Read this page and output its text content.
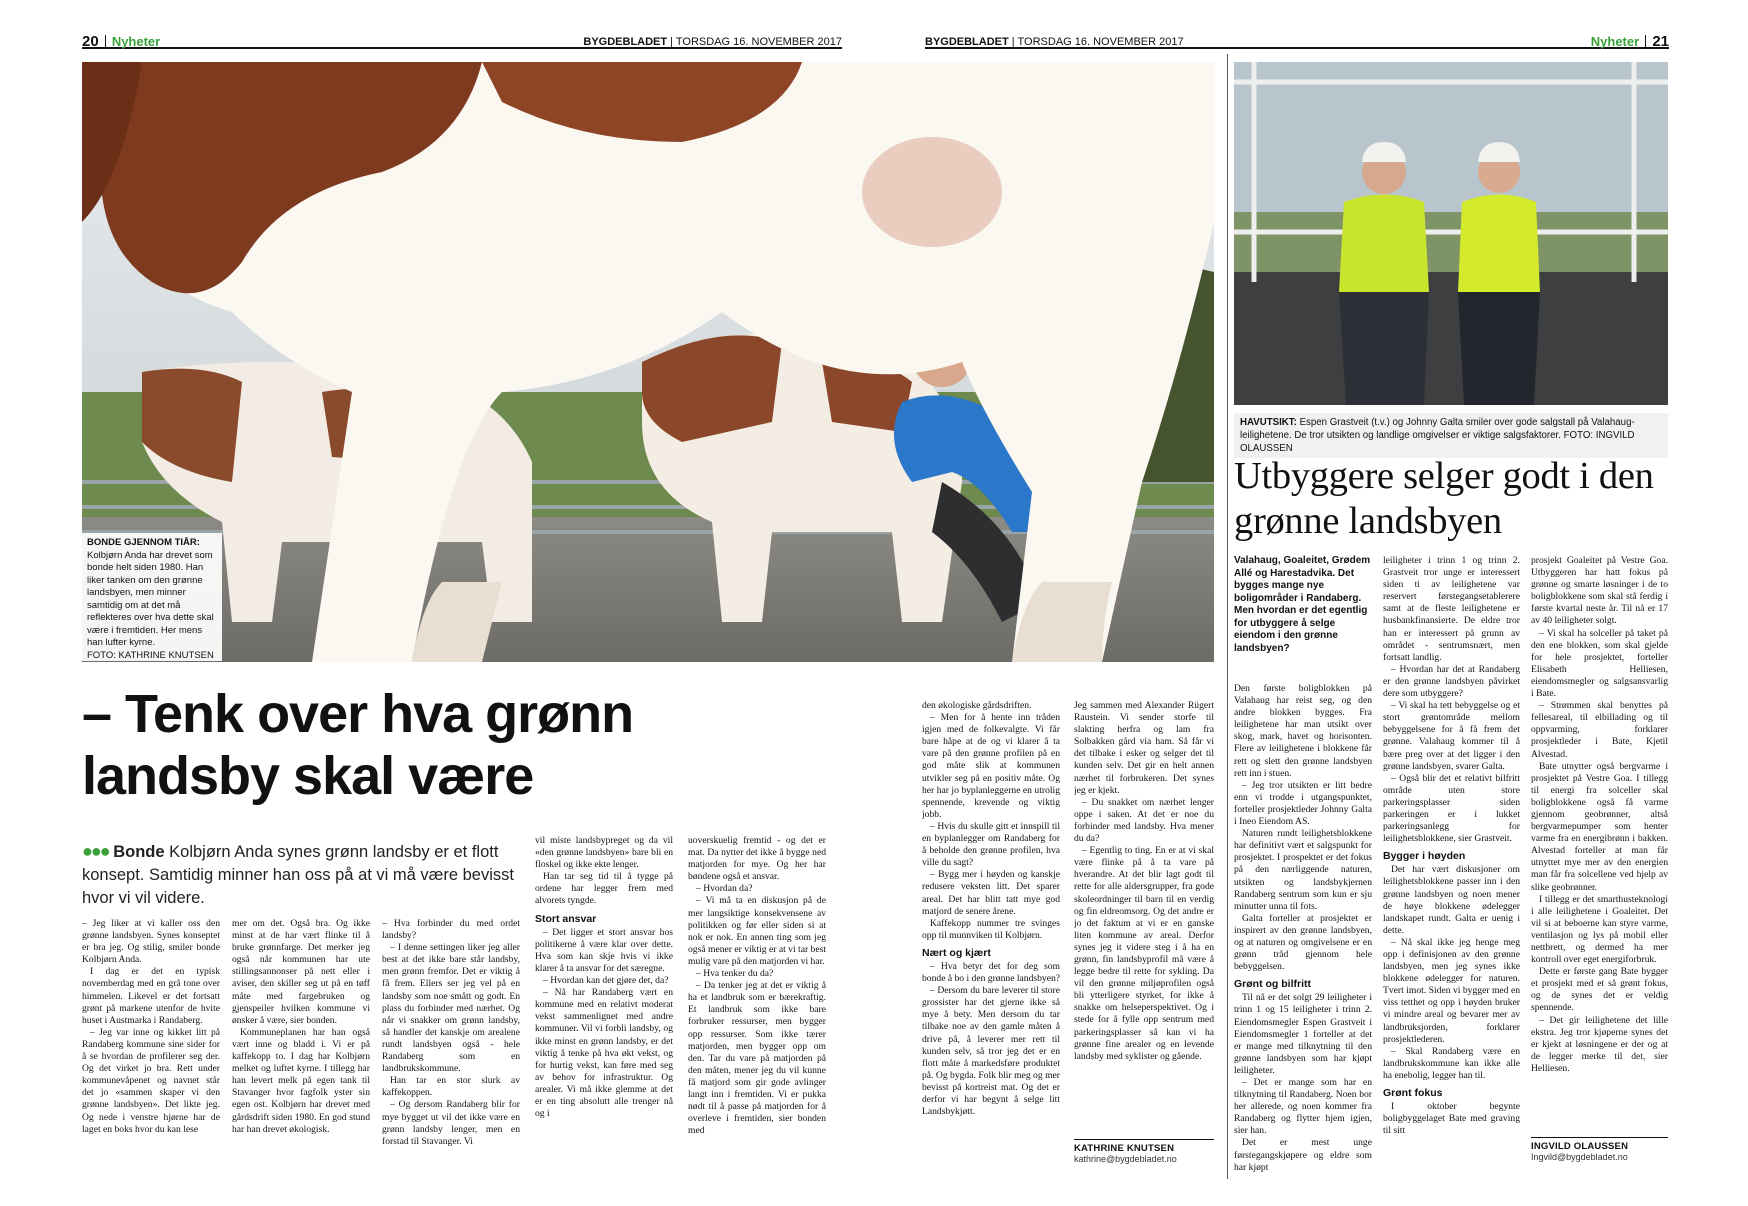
20 Nyheter	BYGDEBLADET | TORSDAG 16. NOVEMBER 2017	BYGDEBLADET | TORSDAG 16. NOVEMBER 2017	Nyheter 21
BONDE GJENNOM TIÅR:
Kolbjørn Anda har drevet som bonde helt siden 1980. Han liker tanken om den grønne landsbyen, men minner samtidig om at det må reflekteres over hva dette skal være i fremtiden. Her mens han lufter kyrne.
FOTO: KATHRINE KNUTSEN
– Tenk over hva grønn landsby skal være
●●● Bonde Kolbjørn Anda synes grønn landsby er et flott konsept. Samtidig minner han oss på at vi må være bevisst hvor vi vil videre.

– Jeg liker at vi kaller oss den grønne landsbyen. Synes konseptet er bra jeg. Og stilig, smiler bonde Kolbjørn Anda.

I dag er det en typisk novemberdag med en grå tone over himmelen. Likevel er det fortsatt grønt på markene utenfor de hvite huset i Austmarka i Randaberg.

– Jeg var inne og kikket litt på Randaberg kommune sine sider for å se hvordan de profilerer seg der. Og det virket jo bra. Rett under kommunevåpenet og navnet står det jo «sammen skaper vi den grønne landsbyen». Det likte jeg. Og nede i venstre hjørne har de laget en boks hvor du kan lese

mer om det. Også bra. Og ikke minst at de har vært flinke til å bruke grønnfarge. Det merker jeg også når kommunen har ute stillingsannonser på nett eller i aviser, den skiller seg ut på en tøff måte med fargebruken og gjenspeiler hvilken kommune vi ønsker å være, sier bonden.

Kommuneplanen har han også vært inne og bladd i. Vi er på kaffekopp to. I dag har Kolbjørn melket og luftet kyrne. I tillegg har han levert melk på egen tank til Stavanger hvor fagfolk yster sin egen ost. Kolbjørn har drevet med gårdsdrift siden 1980. En god stund har han drevet økologisk.

– Hva forbinder du med ordet landsby?

– I denne settingen liker jeg aller best at det ikke bare står landsby, men grønn fremfor. Det er viktig å få frem. Ellers ser jeg vel på en landsby som noe smått og godt. En plass du forbinder med nærhet. Og når vi snakker om grønn landsby, så handler det kanskje om arealene rundt landsbyen også - hele Randaberg som en landbrukskommune.

Han tar en stor slurk av kaffekoppen.

– Og dersom Randaberg blir for mye bygget ut vil det ikke være en grønn landsby lenger, men en forstad til Stavanger. Vi

vil miste landsbypreget og da vil «den grønne landsbyen» bare bli en floskel og ikke ekte lenger.

Han tar seg tid til å tygge på ordene har legger frem med alvorets tyngde.

Stort ansvar

– Det ligger et stort ansvar hos politikerne å være klar over dette. Hva som kan skje hvis vi ikke klarer å ta ansvar for det særegne.

– Hvordan kan det gjøre det, da?

– Nå har Randaberg vært en kommune med en relativt moderat vekst sammenlignet med andre kommuner. Vil vi forbli landsby, og ikke minst en grønn landsby, er det viktig å tenke på hva økt vekst, og for hurtig vekst, kan føre med seg av behov for infrastruktur. Og arealer. Vi må ikke glemme at det er en ting absolutt alle trenger nå og i

uoverskuelig fremtid - og det er mat. Da nytter det ikke å bygge ned matjorden for mye. Og her har bøndene også et ansvar.

– Hvordan da?

– Vi må ta en diskusjon på de mer langsiktige konsekvensene av politikken og før eller siden si at nok er nok. En annen ting som jeg også mener er viktig er at vi tar best mulig vare på den matjorden vi har.

– Hva tenker du da?

– Da tenker jeg at det er viktig å ha et landbruk som er bærekraftig. Et landbruk som ikke bare forbruker ressurser, men bygger opp ressurser. Som ikke tærer matjorden, men bygger opp om den. Tar du vare på matjorden på den måten, mener jeg du vil kunne få matjord som gir gode avlinger langt inn i fremtiden. Vi er pukka nødt til å passe på matjorden for å overleve i fremtiden, sier bonden med

den økologiske gårdsdriften.

– Men for å hente inn tråden igjen med de folkevalgte. Vi får bare håpe at de og vi klarer å ta vare på den grønne profilen på en god måte slik at kommunen utvikler seg på en positiv måte. Og her har jo byplanleggerne en utrolig spennende, krevende og viktig jobb.

– Hvis du skulle gitt et innspill til en byplanlegger om Randaberg for å beholde den grønne profilen, hva ville du sagt?

– Bygg mer i høyden og kanskje redusere veksten litt. Det sparer areal. Det har blitt tatt mye god matjord de senere årene.

Kaffekopp nummer tre svinges opp til munnviken til Kolbjørn.

Nært og kjært

– Hva betyr det for deg som bonde å bo i den grønne landsbyen?

– Dersom du bare leverer til store grossister har det gjerne ikke så mye å bety. Men dersom du tar tilbake noe av den gamle måten å drive på, å leverer mer rett til kunden selv, så tror jeg det er en flott måte å markedsføre produktet på. Og bygda. Folk blir meg og mer bevisst på kortreist mat. Og det er derfor vi har begynt å selge litt Landsbykjøtt.

Jeg sammen med Alexander Rügert Raustein. Vi sender storfe til slakting herfra og lam fra Solbakken gård via ham. Så får vi det tilbake i esker og selger det til kunden selv. Det gir en helt annen nærhet til forbrukeren. Det synes jeg er kjekt.

– Du snakket om nærhet lenger oppe i saken. At det er noe du forbinder med landsby. Hva mener du da?

– Egentlig to ting. En er at vi skal være flinke på å ta vare på hverandre. At det blir lagt godt til rette for alle aldersgrupper, fra gode skoleordninger til barn til en verdig og fin eldreomsorg. Og det andre er jo det faktum at vi er en ganske liten kommune av areal. Derfor synes jeg it videre steg i å ha en grønn, fin landsbyprofil må være å legge bedre til rette for sykling. Da vil den grønne miljøprofilen også bli ytterligere styrket, for ikke å snakke om helseperspektivet. Og i stede for å fylle opp sentrum med parkeringsplasser så kan vi ha grønne fine arealer og en levende landsby med syklister og gående.

KATHRINE KNUTSEN
kathrine@bygdebladet.no
HAVUTSIKT: Espen Grastveit (t.v.) og Johnny Galta smiler over gode salgstall på Valahaug-leilighetene. De tror utsikten og landlige omgivelser er viktige salgsfaktorer. FOTO: INGVILD OLAUSSEN
Utbyggere selger godt i den grønne landsbyen
Valahaug, Goaleitet, Grødem Allé og Harestadvika. Det bygges mange nye boligområder i Randaberg. Men hvordan er det egentlig for utbyggere å selge eiendom i den grønne landsbyen?

Den første boligblokken på Valahaug har reist seg, og den andre blokken bygges. Fra leilighetene har man utsikt over skog, mark, havet og horisonten. Flere av leilighetene i blokkene får rett og slett den grønne landsbyen rett inn i stuen.

– Jeg tror utsikten er litt bedre enn vi trodde i utgangspunktet, forteller prosjektleder Johnny Galta i Ineo Eiendom AS.

Naturen rundt leilighetsblokkene har definitivt vært et salgspunkt for prosjektet. I prospektet er det fokus på den nærliggende naturen, utsikten og landsbykjernen Randaberg sentrum som kun er sju minutter unna til fots.

Galta forteller at prosjektet er inspirert av den grønne landsbyen, og at naturen og omgivelsene er en grønn tråd gjennom hele bebyggelsen.

Grønt og bilfritt

Til nå er det solgt 29 leiligheter i trinn 1 og 15 leiligheter i trinn 2. Eiendomsmegler Espen Grastveit i Eiendomsmegler 1 forteller at det er mange med tilknytning til den grønne landsbyen som har kjøpt leiligheter.

– Det er mange som har en tilknytning til Randaberg. Noen bor her allerede, og noen kommer fra Randaberg og flytter hjem igjen, sier han.

Det er mest unge førstegangskjøpere og eldre som har kjøpt

leiligheter i trinn 1 og trinn 2. Grastveit tror unge er interessert siden ti av leilighetene var reservert førstegangsetablerere samt at de fleste leilighetene er husbankfinansierte. De eldre tror han er interessert på grunn av området - sentrumsnært, men fortsatt landlig.

– Hvordan har det at Randaberg er den grønne landsbyen påvirket dere som utbyggere?

– Vi skal ha tett bebyggelse og et stort grøntområde mellom bebyggelsene for å få frem det grønne. Valahaug kommer til å bære preg over at det ligger i den grønne landsbyen, svarer Galta.

– Også blir det et relativt bilfritt område uten store parkeringsplasser siden parkeringen er i lukket parkeringsanlegg for leilighetsblokkene, sier Grastveit.

Bygger i høyden

Det har vært diskusjoner om leilighetsblokkene passer inn i den grønne landsbyen og noen mener de høye blokkene ødelegger landskapet rundt. Galta er uenig i dette.

– Nå skal ikke jeg henge meg opp i definisjonen av den grønne landsbyen, men jeg synes ikke blokkene ødelegger for naturen. Tvert imot. Siden vi bygger med en viss tetthet og opp i høyden bruker vi mindre areal og bevarer mer av landbruksjorden, forklarer prosjektlederen.

– Skal Randaberg være en landbrukskommune kan ikke alle ha enebolig, legger han til.

Grønt fokus

I oktober begynte boligbyggelaget Bate med graving til sitt

prosjekt Goaleitet på Vestre Goa. Utbyggeren har hatt fokus på grønne og smarte løsninger i de to boligblokkene som skal stå ferdig i første kvartal neste år. Til nå er 17 av 40 leiligheter solgt.

– Vi skal ha solceller på taket på den ene blokken, som skal gjelde for hele prosjektet, forteller Elisabeth Helliesen, eiendomsmegler og salgsansvarlig i Bate.

– Strømmen skal benyttes på fellesareal, til elbillading og til oppvarming, forklarer prosjektleder i Bate, Kjetil Alvestad.

Bate utnytter også bergvarme i prosjektet på Vestre Goa. I tillegg til energi fra solceller skal boligblokkene også få varme gjennom geobrønner, altså bergvarmepumper som henter varme fra en energibrønn i bakken. Alvestad forteller at man får utnyttet mye mer av den energien man får fra solcellene ved hjelp av slike geobrønner.

I tillegg er det smarthusteknologi i alle leilighetene i Goaleitet. Det vil si at beboerne kan styre varme, ventilasjon og lys på mobil eller nettbrett, og dermed ha mer kontroll over eget energiforbruk.

Dette er første gang Bate bygger et prosjekt med et så grønt fokus, og de synes det er veldig spennende.

– Det gir leilighetene det lille ekstra. Jeg tror kjøperne synes det er kjekt at løsningene er der og at de legger merke til det, sier Helliesen.

INGVILD OLAUSSEN
Ingvild@bygdebladet.no
